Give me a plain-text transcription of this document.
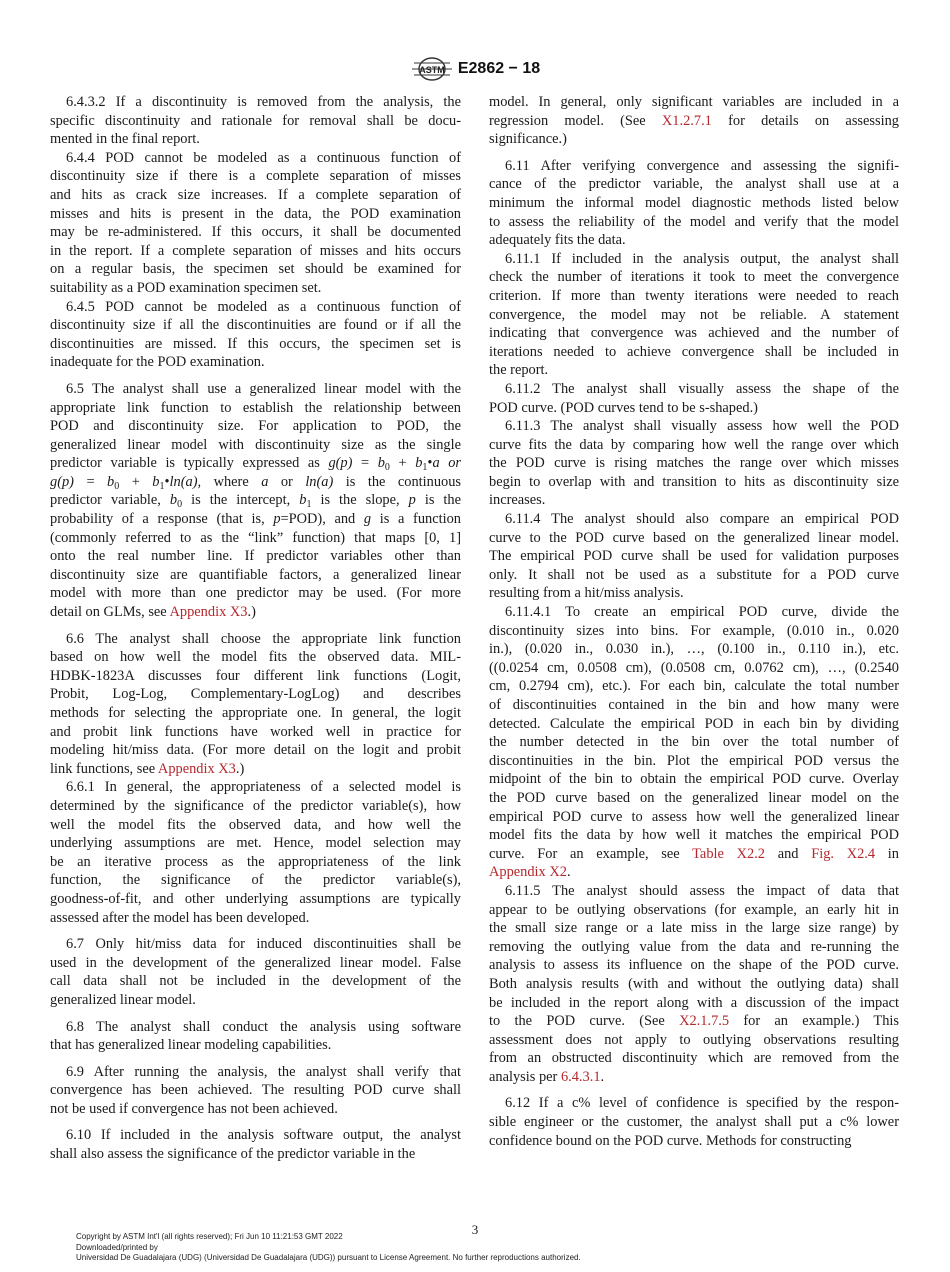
ASTM E2862 − 18
6.4.3.2 If a discontinuity is removed from the analysis, the
specific discontinuity and rationale for removal shall be docu-
mented in the final report.
6.4.4 POD cannot be modeled as a continuous function of
discontinuity size if there is a complete separation of misses
and hits as crack size increases. If a complete separation of
misses and hits is present in the data, the POD examination
may be re-administered. If this occurs, it shall be documented
in the report. If a complete separation of misses and hits occurs
on a regular basis, the specimen set should be examined for
suitability as a POD examination specimen set.
6.4.5 POD cannot be modeled as a continuous function of
discontinuity size if all the discontinuities are found or if all the
discontinuities are missed. If this occurs, the specimen set is
inadequate for the POD examination.
6.5 The analyst shall use a generalized linear model with the
appropriate link function to establish the relationship between
POD and discontinuity size. For application to POD, the
generalized linear model with discontinuity size as the single
predictor variable is typically expressed as $g(p) = b_0$ + $b_1•a$ or
$g(p) = b_0$ + $b_1•\ln(a)$, where a or ln(a) is the continuous
predictor variable, $b_0$ is the intercept, $b_1$ is the slope, p is the
probability of a response (that is, p=POD), and g is a function
(commonly referred to as the “link” function) that maps [0, 1]
onto the real number line. If predictor variables other than
discontinuity size are quantifiable factors, a generalized linear
model with more than one predictor may be used. (For more
detail on GLMs, see Appendix X3.)
6.6 The analyst shall choose the appropriate link function
based on how well the model fits the observed data. MIL-
HDBK-1823A discusses four different link functions (Logit,
Probit, Log-Log, Complementary-LogLog) and describes
methods for selecting the appropriate one. In general, the logit
and probit link functions have worked well in practice for
modeling hit/miss data. (For more detail on the logit and probit
link functions, see Appendix X3.)
6.6.1 In general, the appropriateness of a selected model is
determined by the significance of the predictor variable(s), how
well the model fits the observed data, and how well the
underlying assumptions are met. Hence, model selection may
be an iterative process as the appropriateness of the link
function, the significance of the predictor variable(s),
goodness-of-fit, and other underlying assumptions are typically
assessed after the model has been developed.
6.7 Only hit/miss data for induced discontinuities shall be
used in the development of the generalized linear model. False
call data shall not be included in the development of the
generalized linear model.
6.8 The analyst shall conduct the analysis using software
that has generalized linear modeling capabilities.
6.9 After running the analysis, the analyst shall verify that
convergence has been achieved. The resulting POD curve shall
not be used if convergence has not been achieved.
6.10 If included in the analysis software output, the analyst
shall also assess the significance of the predictor variable in the
model. In general, only significant variables are included in a
regression model. (See X1.2.7.1 for details on assessing
significance.)
6.11 After verifying convergence and assessing the signifi-
cance of the predictor variable, the analyst shall use at a
minimum the informal model diagnostic methods listed below
to assess the reliability of the model and verify that the model
adequately fits the data.
6.11.1 If included in the analysis output, the analyst shall
check the number of iterations it took to meet the convergence
criterion. If more than twenty iterations were needed to reach
convergence, the model may not be reliable. A statement
indicating that convergence was achieved and the number of
iterations needed to achieve convergence shall be included in
the report.
6.11.2 The analyst shall visually assess the shape of the
POD curve. (POD curves tend to be s-shaped.)
6.11.3 The analyst shall visually assess how well the POD
curve fits the data by comparing how well the range over which
the POD curve is rising matches the range over which misses
begin to overlap with and transition to hits as discontinuity size
increases.
6.11.4 The analyst should also compare an empirical POD
curve to the POD curve based on the generalized linear model.
The empirical POD curve shall be used for validation purposes
only. It shall not be used as a substitute for a POD curve
resulting from a hit/miss analysis.
6.11.4.1 To create an empirical POD curve, divide the
discontinuity sizes into bins. For example, (0.010 in., 0.020
in.), (0.020 in., 0.030 in.), …, (0.100 in., 0.110 in.), etc.
((0.0254 cm, 0.0508 cm), (0.0508 cm, 0.0762 cm), …, (0.2540
cm, 0.2794 cm), etc.). For each bin, calculate the total number
of discontinuities contained in the bin and how many were
detected. Calculate the empirical POD in each bin by dividing
the number detected in the bin over the total number of
discontinuities in the bin. Plot the empirical POD versus the
midpoint of the bin to obtain the empirical POD curve. Overlay
the POD curve based on the generalized linear model on the
empirical POD curve to assess how well the generalized linear
model fits the data by how well it matches the empirical POD
curve. For an example, see Table X2.2 and Fig. X2.4 in
Appendix X2.
6.11.5 The analyst should assess the impact of data that
appear to be outlying observations (for example, an early hit in
the small size range or a late miss in the large size range) by
removing the outlying value from the data and re-running the
analysis to assess its influence on the shape of the POD curve.
Both analysis results (with and without the outlying data) shall
be included in the report along with a discussion of the impact
to the POD curve. (See X2.1.7.5 for an example.) This
assessment does not apply to outlying observations resulting
from an obstructed discontinuity which are removed from the
analysis per 6.4.3.1.
6.12 If a c% level of confidence is specified by the respon-
sible engineer or the customer, the analyst shall put a c% lower
confidence bound on the POD curve. Methods for constructing
3
Copyright by ASTM Int'l (all rights reserved); Fri Jun 10 11:21:53 GMT 2022
Downloaded/printed by
Universidad De Guadalajara (UDG) (Universidad De Guadalajara (UDG)) pursuant to License Agreement. No further reproductions authorized.
